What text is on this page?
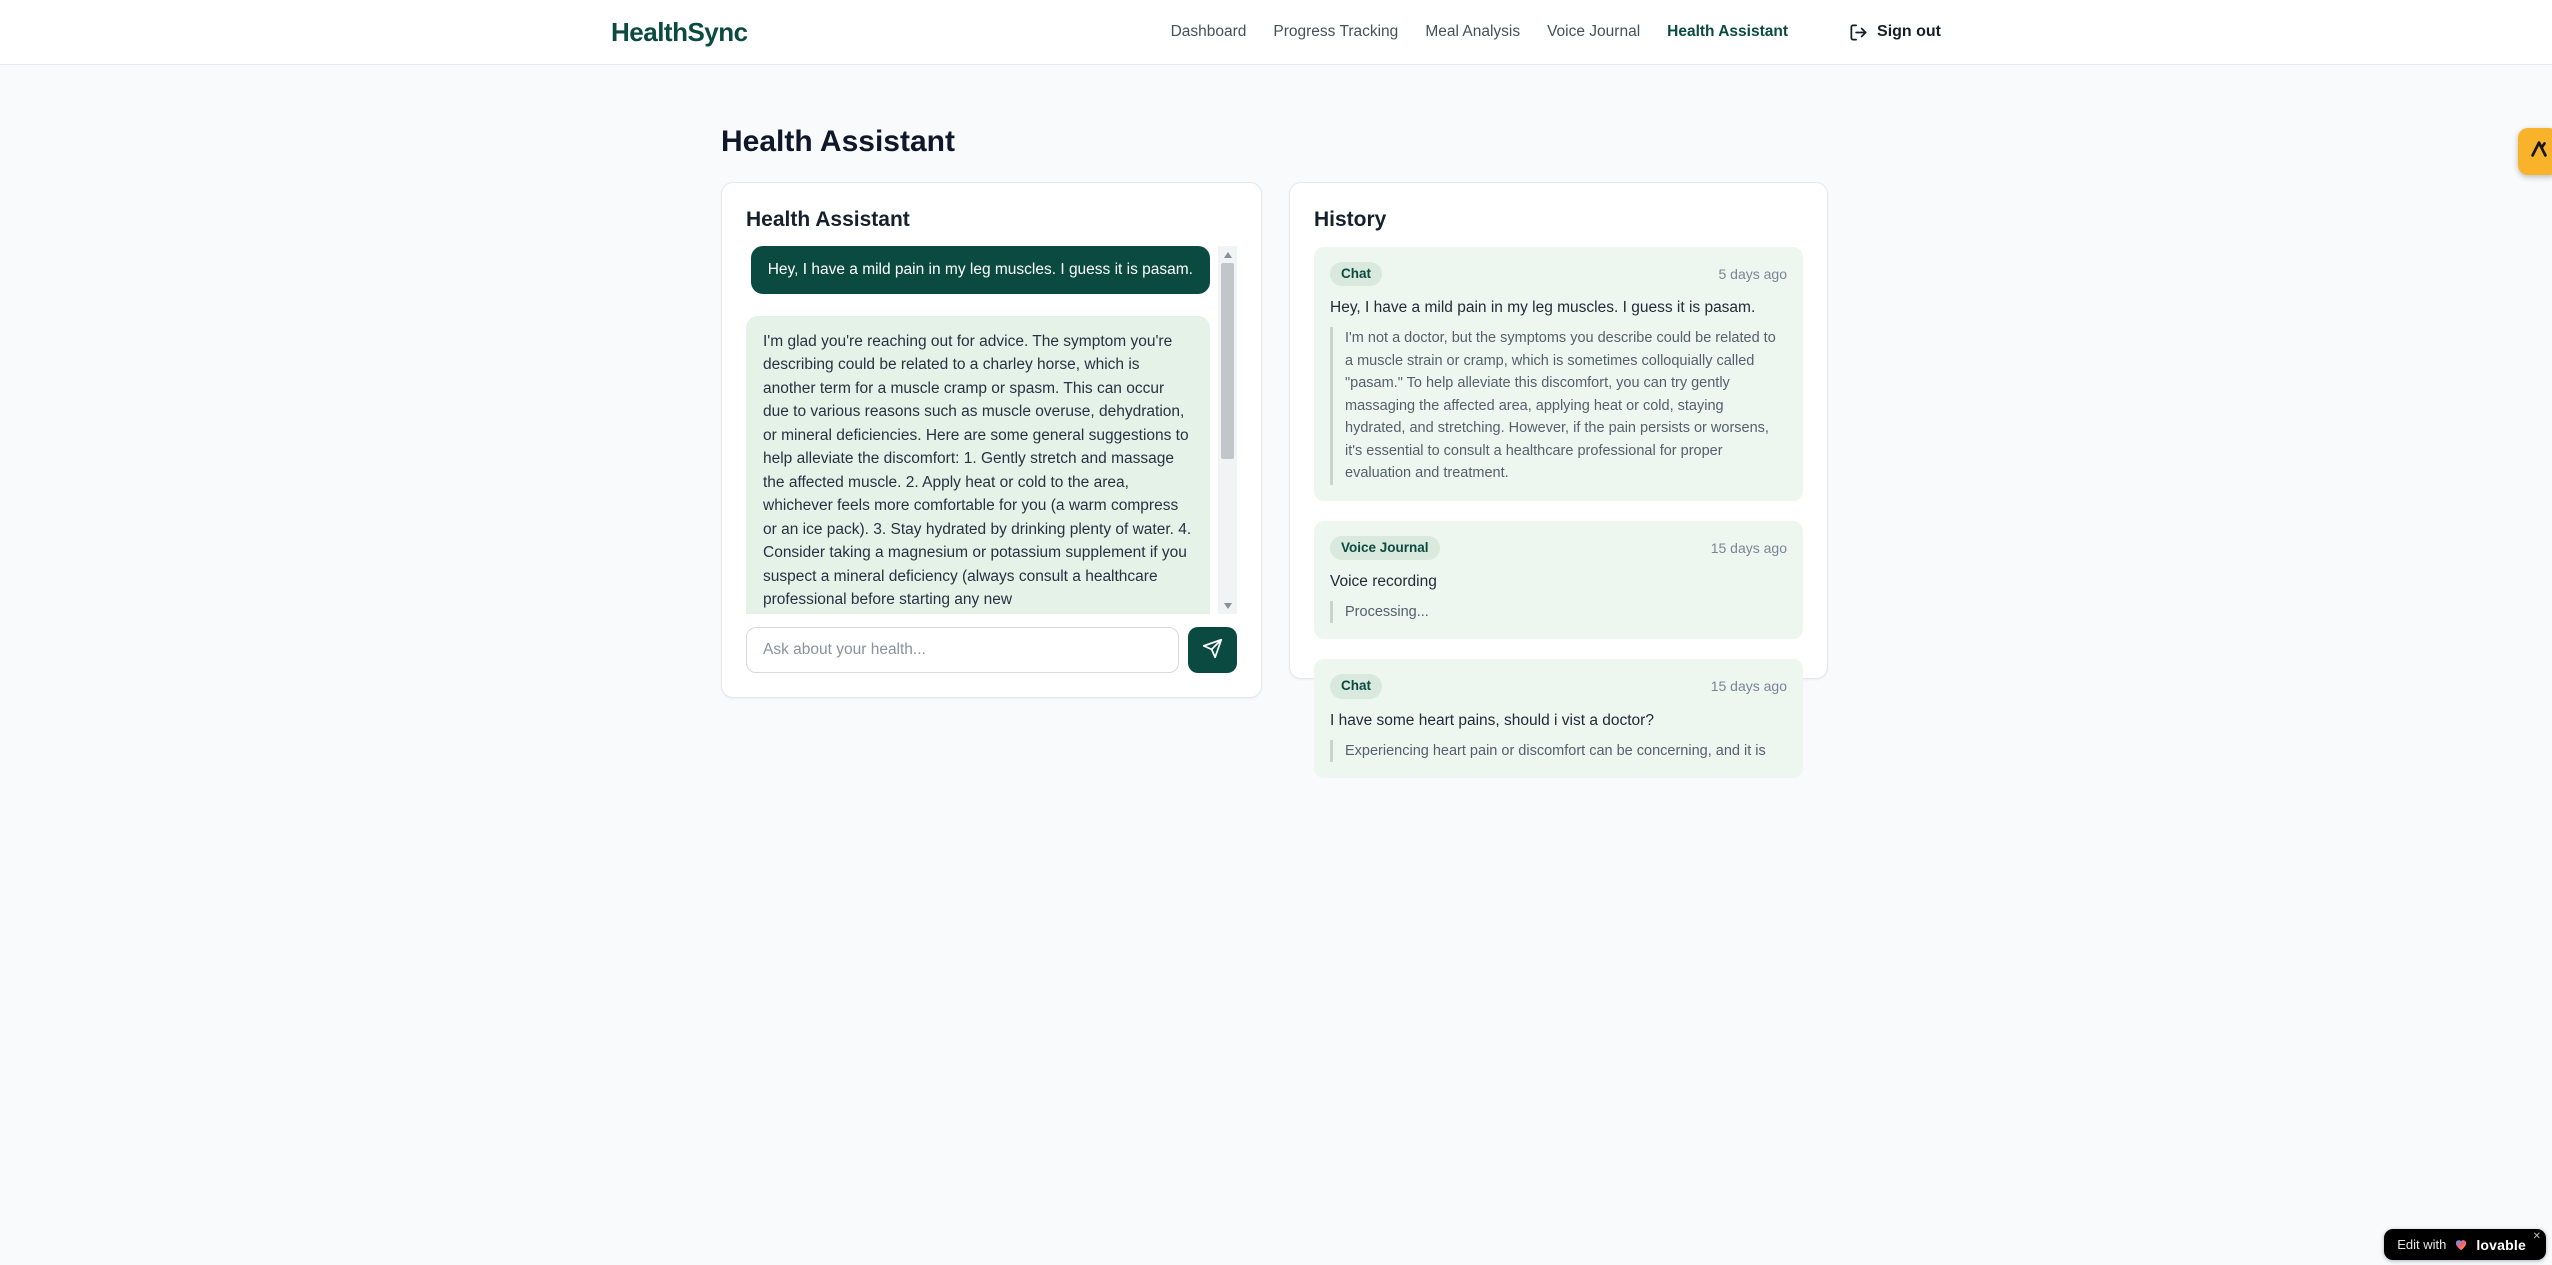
HealthSync	Dashboard Progress Tracking Meal Analysis Voice Journal Health Assistant	Sign out
Health Assistant
Health Assistant
Hey, I have a mild pain in my leg muscles. I guess it is pasam.
I'm glad you're reaching out for advice. The symptom you're describing could be related to a charley horse, which is another term for a muscle cramp or spasm. This can occur due to various reasons such as muscle overuse, dehydration, or mineral deficiencies. Here are some general suggestions to help alleviate the discomfort: 1. Gently stretch and massage the affected muscle. 2. Apply heat or cold to the area, whichever feels more comfortable for you (a warm compress or an ice pack). 3. Stay hydrated by drinking plenty of water. 4. Consider taking a magnesium or potassium supplement if you suspect a mineral deficiency (always consult a healthcare professional before starting any new
Ask about your health...
History
Chat	5 days ago
Hey, I have a mild pain in my leg muscles. I guess it is pasam.
I'm not a doctor, but the symptoms you describe could be related to a muscle strain or cramp, which is sometimes colloquially called "pasam." To help alleviate this discomfort, you can try gently massaging the affected area, applying heat or cold, staying hydrated, and stretching. However, if the pain persists or worsens, it's essential to consult a healthcare professional for proper evaluation and treatment.
Voice Journal	15 days ago
Voice recording
Processing...
Chat	15 days ago
I have some heart pains, should i vist a doctor?
Experiencing heart pain or discomfort can be concerning, and it is
Edit with lovable ✕
